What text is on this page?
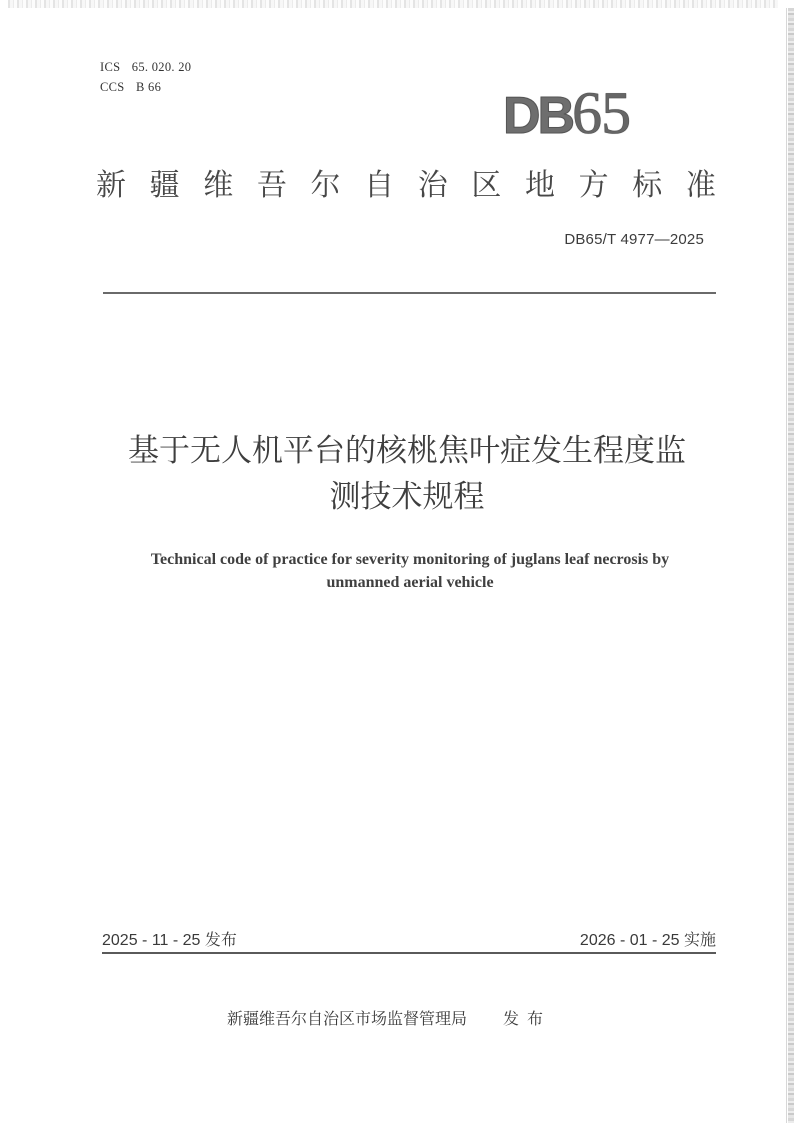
ICS 65. 020. 20
CCS B 66	DB65
新 疆 维 吾 尔 自 治 区 地 方 标 准
DB65/T 4977—2025
基于无人机平台的核桃焦叶症发生程度监
测技术规程
Technical code of practice for severity monitoring of juglans leaf necrosis by
unmanned aerial vehicle
2025 - 11 - 25 发布	2026 - 01 - 25 实施
新疆维吾尔自治区市场监督管理局 发布
